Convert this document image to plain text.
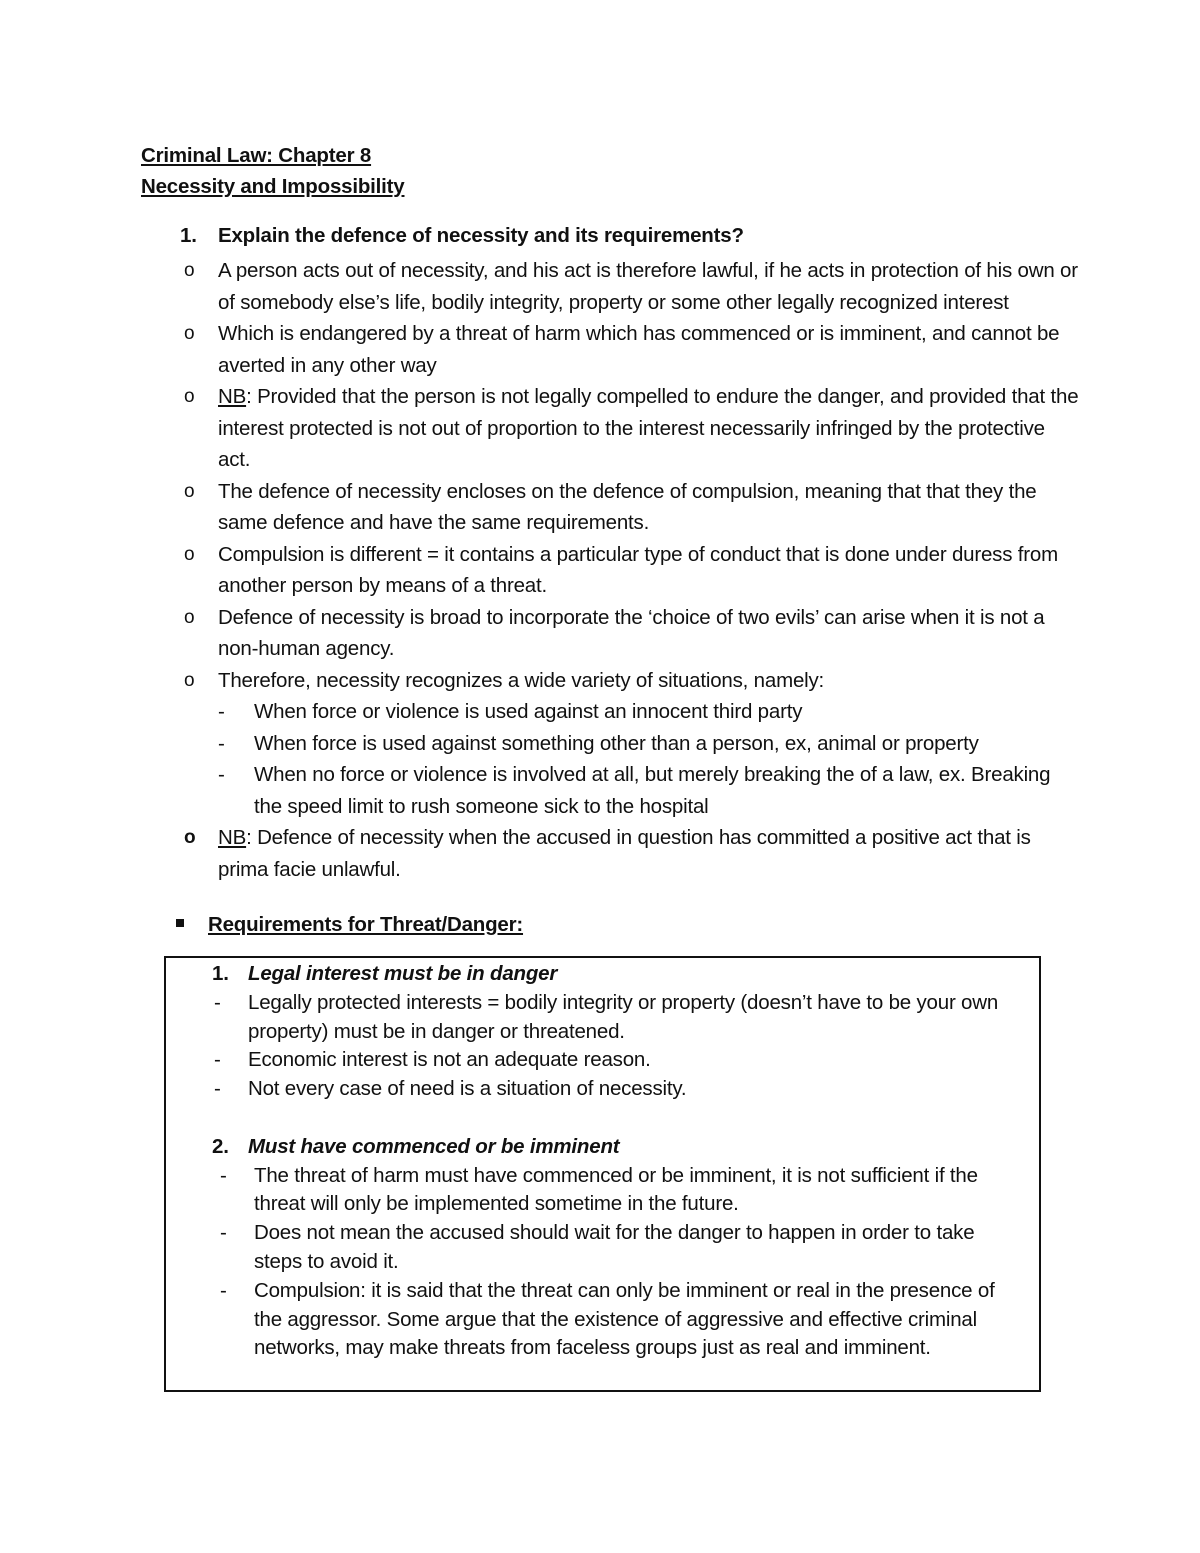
Criminal Law: Chapter 8
Necessity and Impossibility
1. Explain the defence of necessity and its requirements?
o A person acts out of necessity, and his act is therefore lawful, if he acts in protection of his own or of somebody else’s life, bodily integrity, property or some other legally recognized interest
o Which is endangered by a threat of harm which has commenced or is imminent, and cannot be averted in any other way
o NB: Provided that the person is not legally compelled to endure the danger, and provided that the interest protected is not out of proportion to the interest necessarily infringed by the protective act.
o The defence of necessity encloses on the defence of compulsion, meaning that that they the same defence and have the same requirements.
o Compulsion is different = it contains a particular type of conduct that is done under duress from another person by means of a threat.
o Defence of necessity is broad to incorporate the ‘choice of two evils’ can arise when it is not a non-human agency.
o Therefore, necessity recognizes a wide variety of situations, namely:
- When force or violence is used against an innocent third party
- When force is used against something other than a person, ex, animal or property
- When no force or violence is involved at all, but merely breaking the of a law, ex. Breaking the speed limit to rush someone sick to the hospital
o NB: Defence of necessity when the accused in question has committed a positive act that is prima facie unlawful.
Requirements for Threat/Danger:
1. Legal interest must be in danger
- Legally protected interests = bodily integrity or property (doesn’t have to be your own property) must be in danger or threatened.
- Economic interest is not an adequate reason.
- Not every case of need is a situation of necessity.
2. Must have commenced or be imminent
- The threat of harm must have commenced or be imminent, it is not sufficient if the threat will only be implemented sometime in the future.
- Does not mean the accused should wait for the danger to happen in order to take steps to avoid it.
- Compulsion: it is said that the threat can only be imminent or real in the presence of the aggressor. Some argue that the existence of aggressive and effective criminal networks, may make threats from faceless groups just as real and imminent.
